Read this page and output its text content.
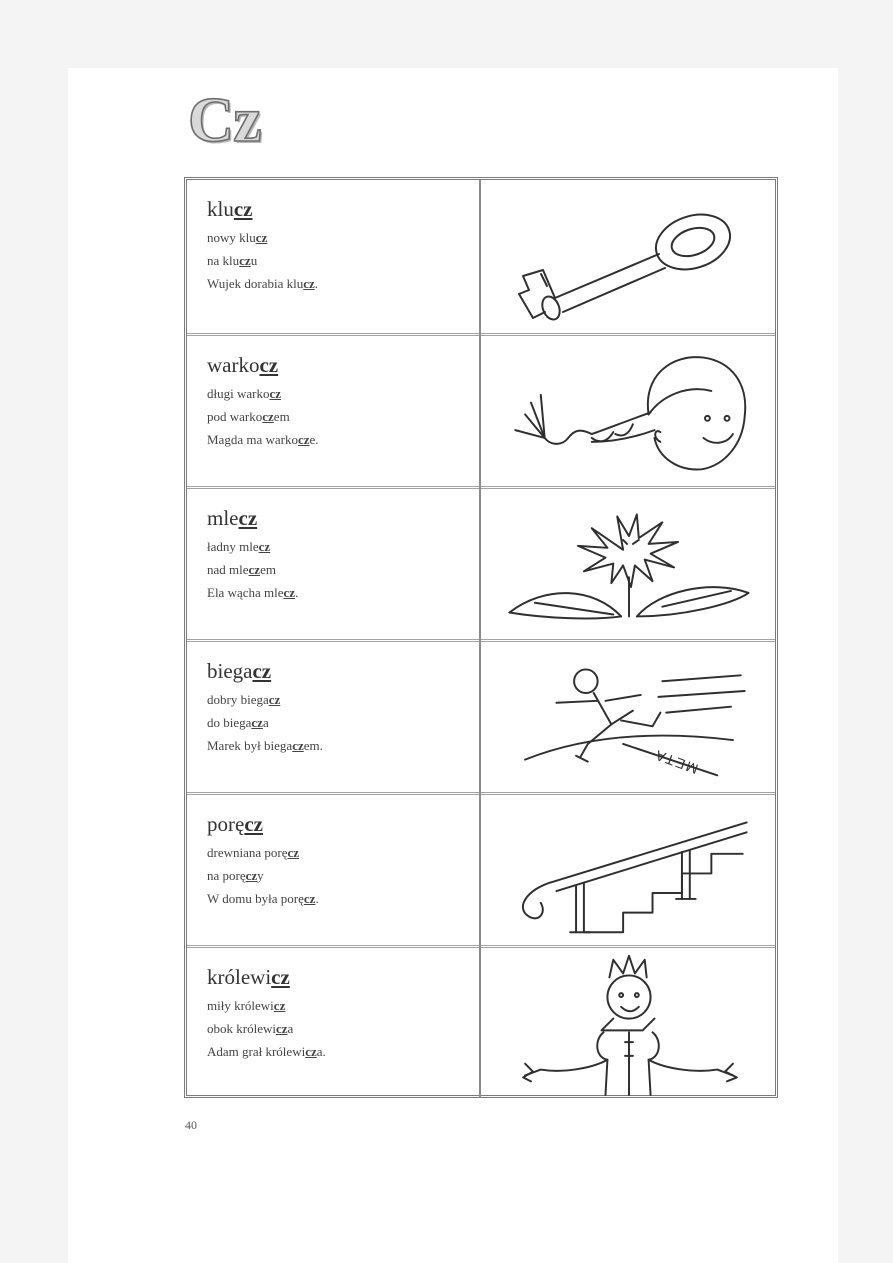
Cz
klucz
nowy klucz
na kluczu
Wujek dorabia klucz.
warkocz
długi warkocz
pod warkoczem
Magda ma warkocze.
mlecz
ładny mlecz
nad mleczem
Ela wącha mlecz.
biegacz
dobry biegacz
do biegacza
Marek był biegaczem.
META
poręcz
drewniana poręcz
na poręczy
W domu była poręcz.
królewicz
miły królewicz
obok królewicza
Adam grał królewicza.
40
